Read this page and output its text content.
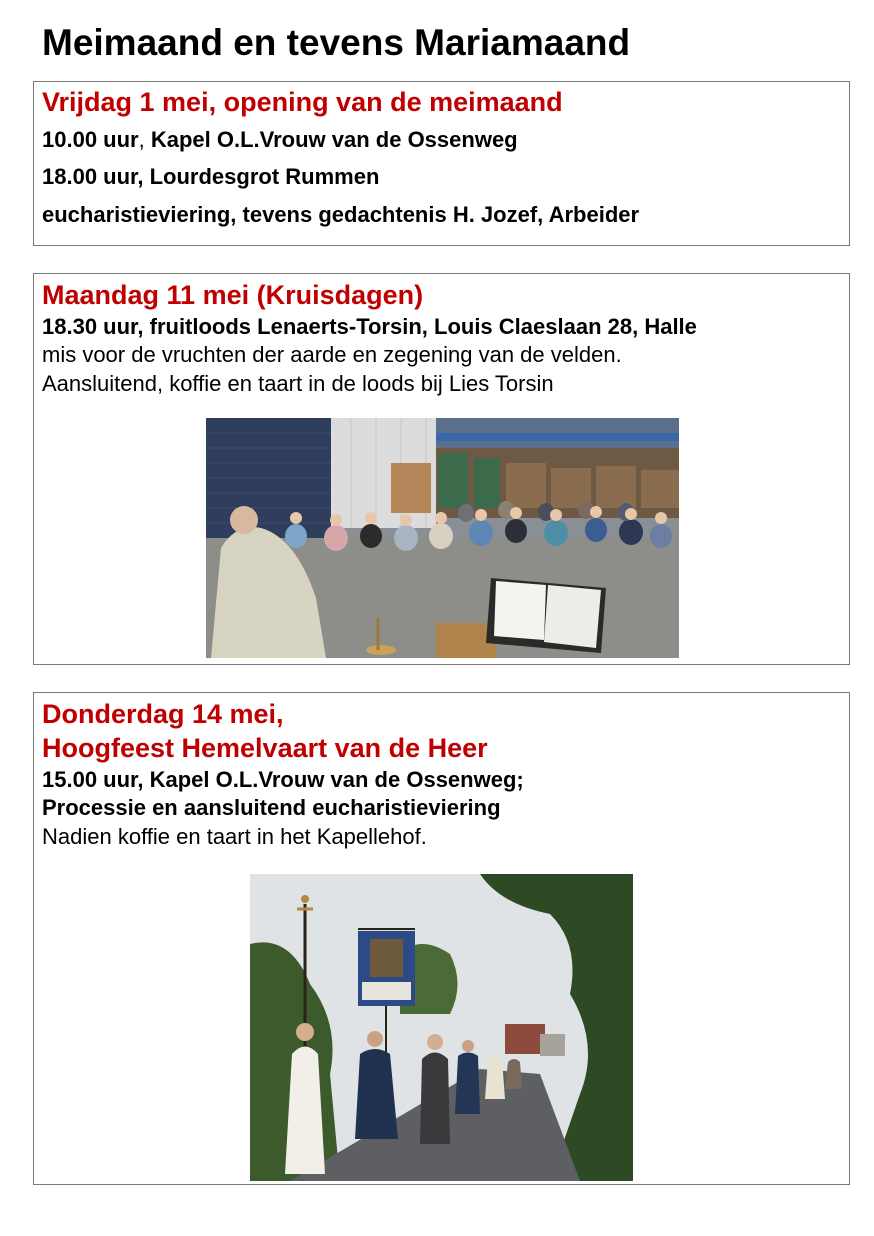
Meimaand en tevens Mariamaand

Vrijdag 1 mei, opening van de meimaand

10.00 uur, Kapel O.L.Vrouw van de Ossenweg

18.00 uur, Lourdesgrot Rummen

eucharistieviering, tevens gedachtenis H. Jozef, Arbeider

Maandag 11 mei (Kruisdagen)

18.30 uur, fruitloods Lenaerts-Torsin, Louis Claeslaan 28, Halle

mis voor de vruchten der aarde en zegening van de velden.

Aansluitend, koffie en taart in de loods bij Lies Torsin

Donderdag 14 mei,

Hoogfeest Hemelvaart van de Heer

15.00 uur, Kapel O.L.Vrouw van de Ossenweg;

Processie en aansluitend eucharistieviering

Nadien koffie en taart in het Kapellehof.
